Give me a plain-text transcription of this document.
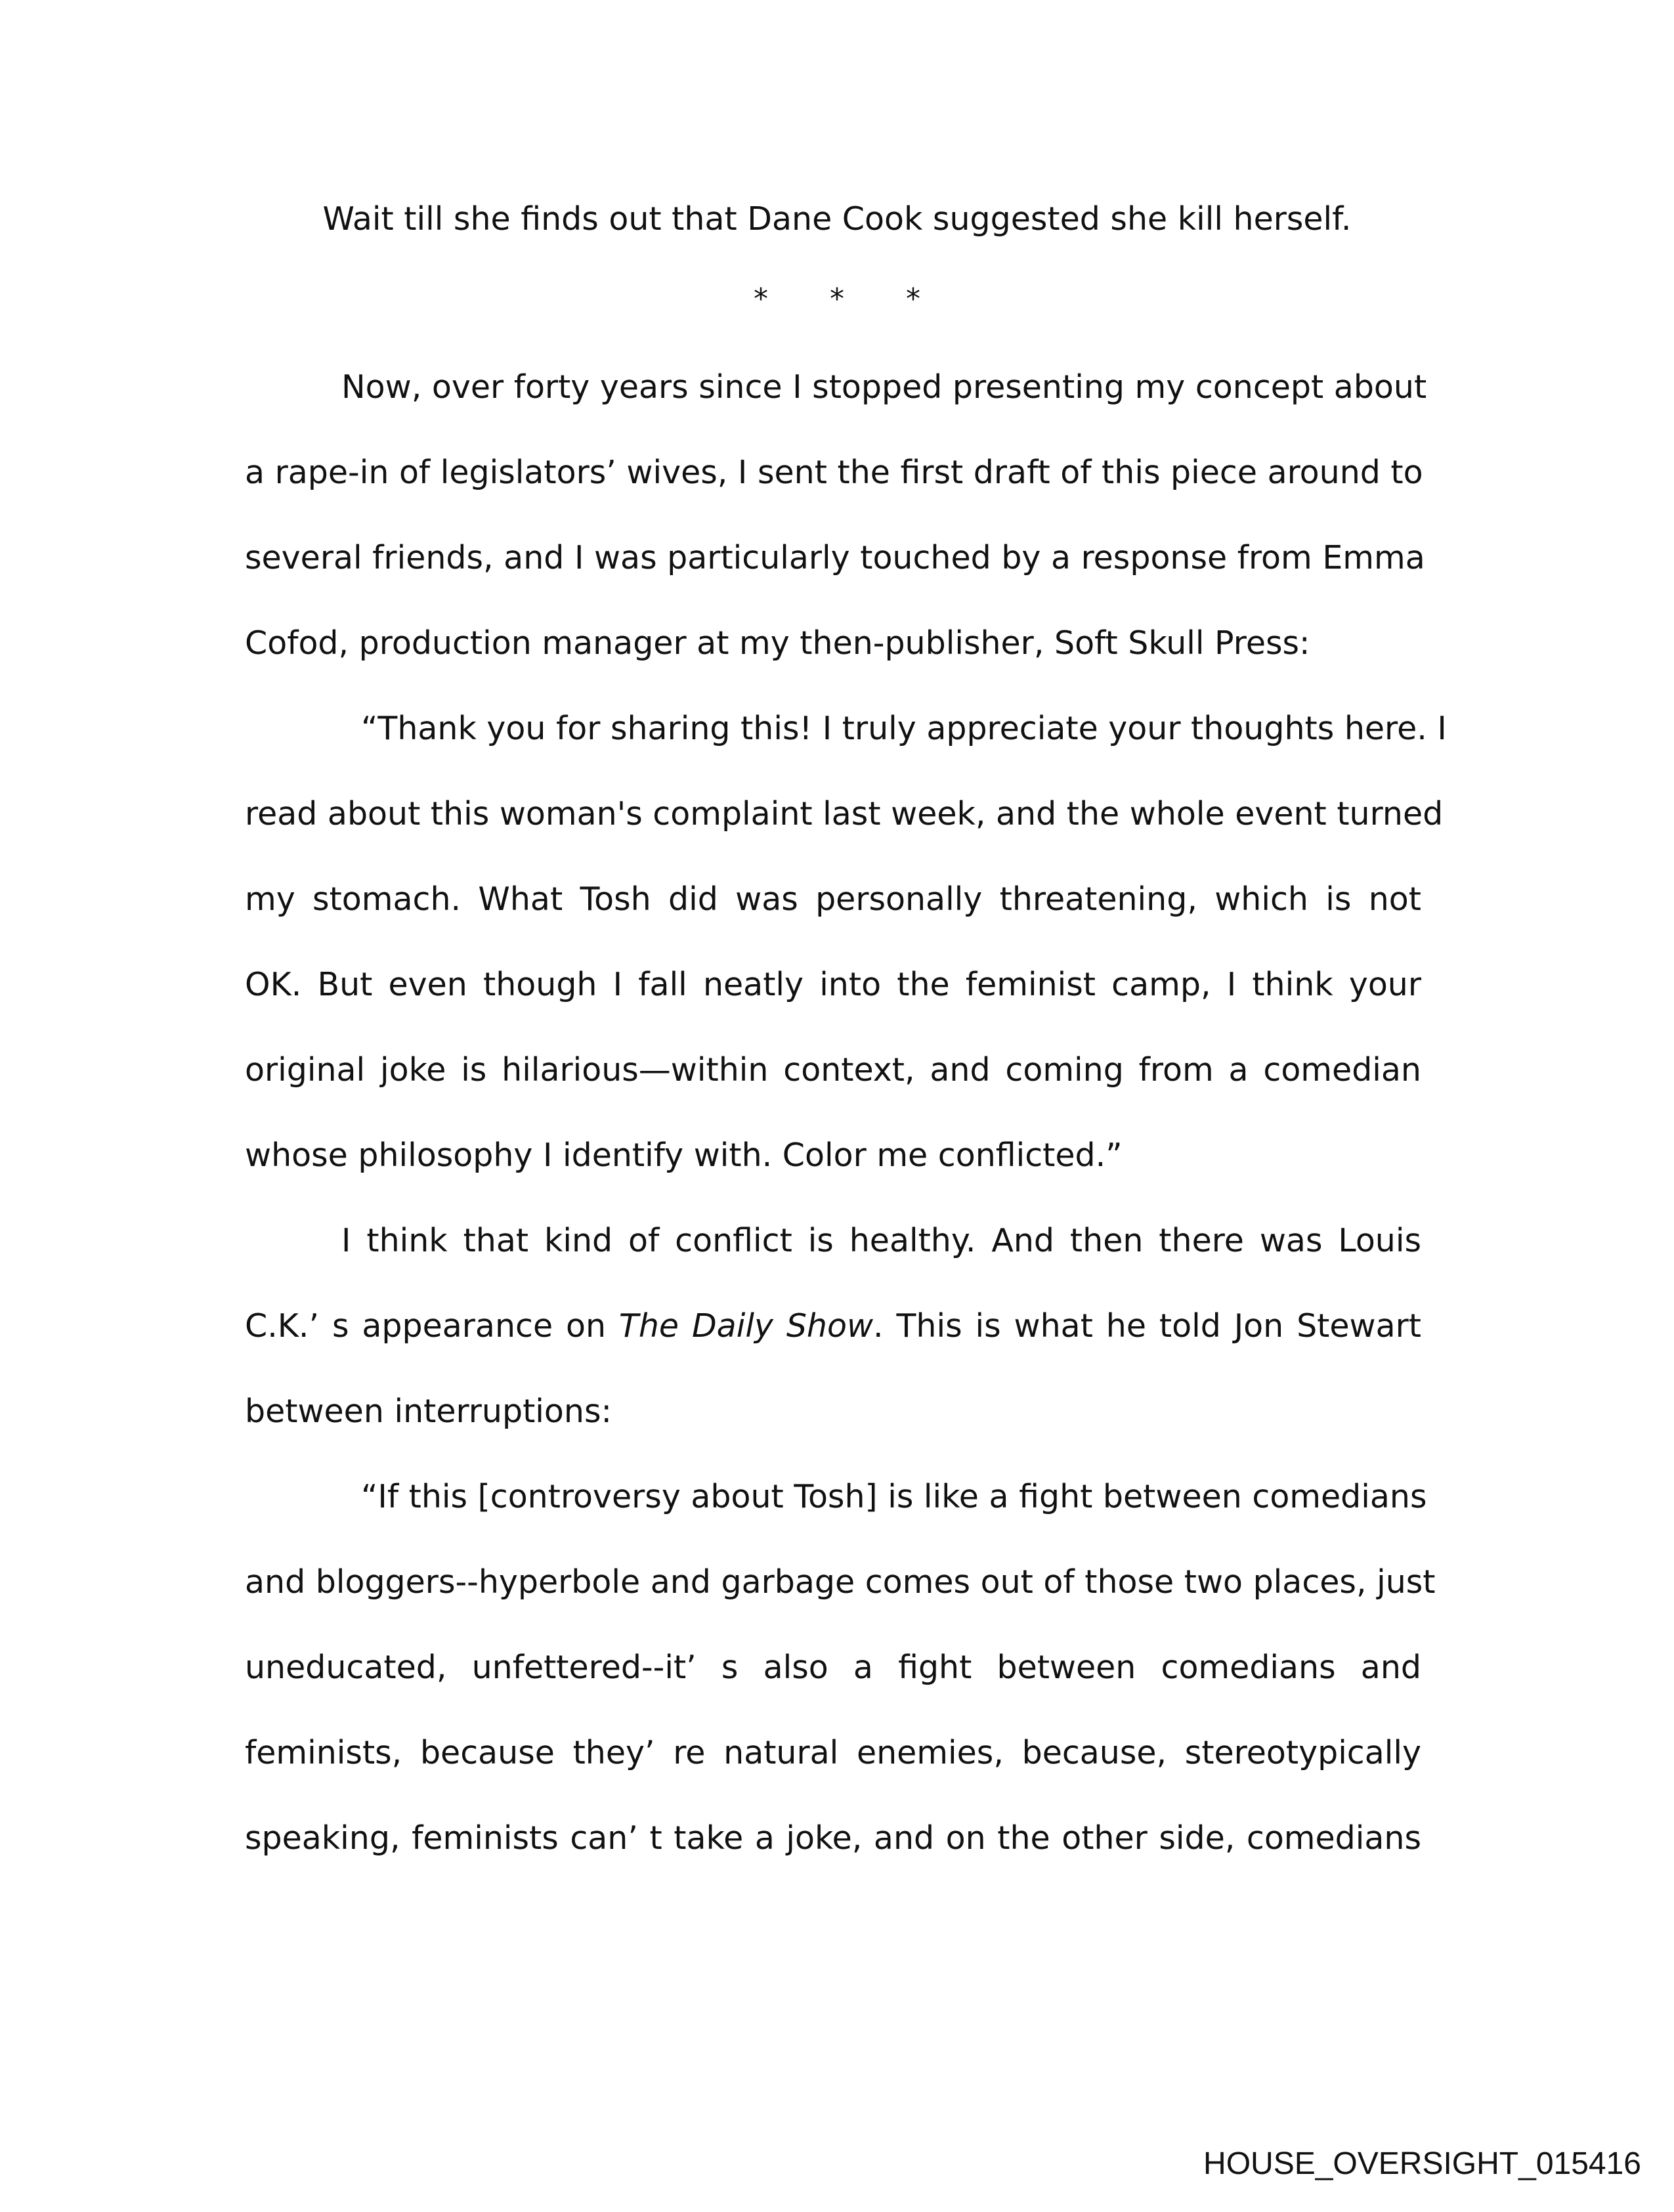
Wait till she finds out that Dane Cook suggested she kill herself.
* * *
Now, over forty years since I stopped presenting my concept about
a rape-in of legislators’ wives, I sent the first draft of this piece around to
several friends, and I was particularly touched by a response from Emma
Cofod, production manager at my then-publisher, Soft Skull Press:
“Thank you for sharing this! I truly appreciate your thoughts here. I
read about this woman's complaint last week, and the whole event turned
my stomach. What Tosh did was personally threatening, which is not
OK. But even though I fall neatly into the feminist camp, I think your
original joke is hilarious—within context, and coming from a comedian
whose philosophy I identify with. Color me conflicted.”
I think that kind of conflict is healthy. And then there was Louis
C.K.’ s appearance on The Daily Show. This is what he told Jon Stewart
between interruptions:
“If this [controversy about Tosh] is like a fight between comedians
and bloggers--hyperbole and garbage comes out of those two places, just
uneducated, unfettered--it’ s also a fight between comedians and
feminists, because they’ re natural enemies, because, stereotypically
speaking, feminists can’ t take a joke, and on the other side, comedians
HOUSE_OVERSIGHT_015416
